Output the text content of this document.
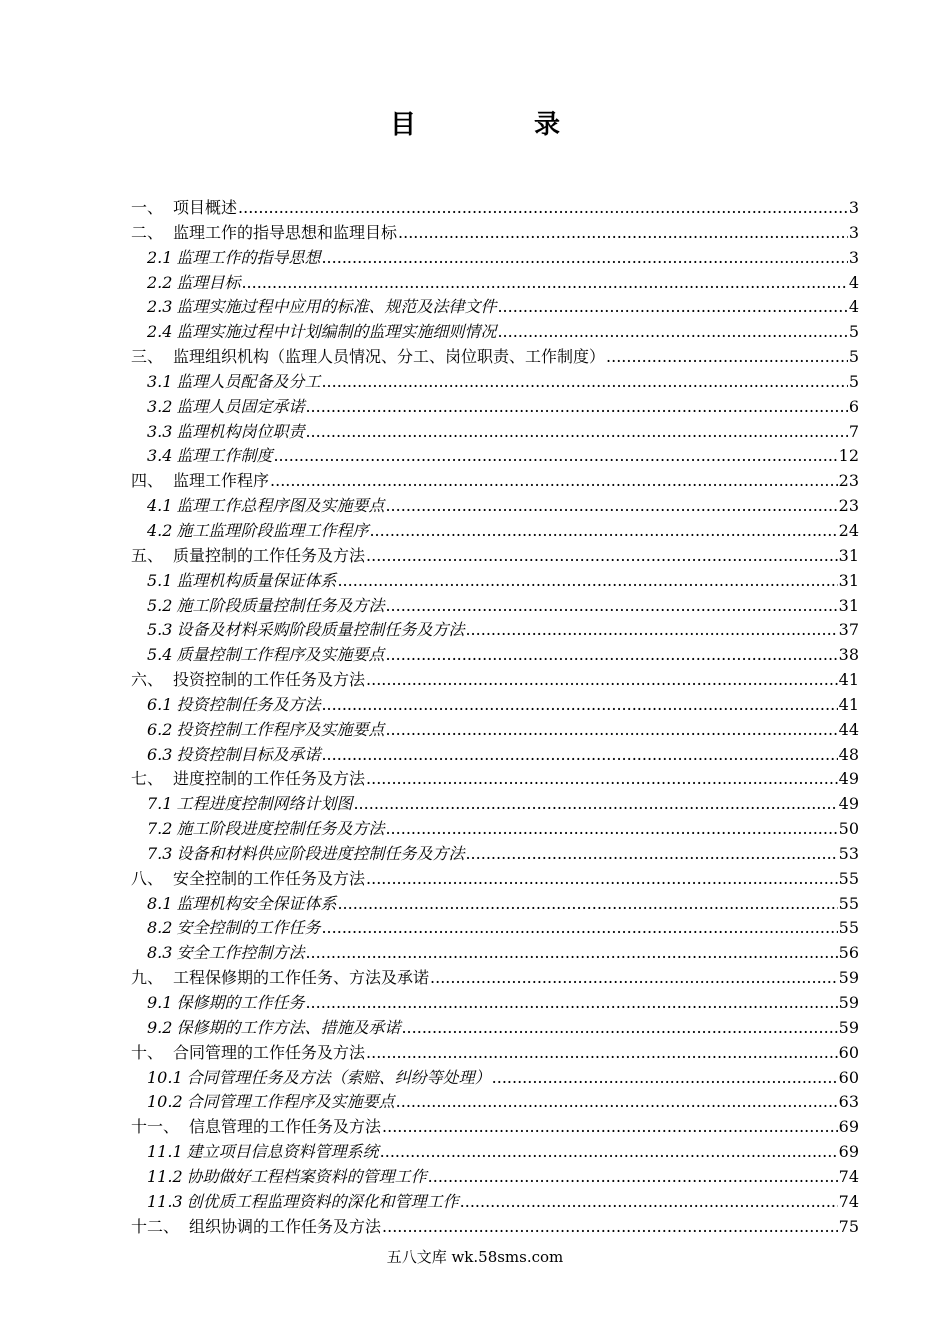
目　录
一、 项目概述 .....	3
二、 监理工作的指导思想和监理目标 .....	3
2.1 监理工作的指导思想 .....	3
2.2 监理目标 .....	4
2.3 监理实施过程中应用的标准、规范及法律文件 .....	4
2.4 监理实施过程中计划编制的监理实施细则情况 .....	5
三、 监理组织机构（监理人员情况、分工、岗位职责、工作制度） .....	5
3.1 监理人员配备及分工 .....	5
3.2 监理人员固定承诺 .....	6
3.3 监理机构岗位职责 .....	7
3.4 监理工作制度 .....	12
四、 监理工作程序 .....	23
4.1 监理工作总程序图及实施要点 .....	23
4.2 施工监理阶段监理工作程序 .....	24
五、 质量控制的工作任务及方法 .....	31
5.1 监理机构质量保证体系 .....	31
5.2 施工阶段质量控制任务及方法 .....	31
5.3 设备及材料采购阶段质量控制任务及方法 .....	37
5.4 质量控制工作程序及实施要点 .....	38
六、 投资控制的工作任务及方法 .....	41
6.1 投资控制任务及方法 .....	41
6.2 投资控制工作程序及实施要点 .....	44
6.3 投资控制目标及承诺 .....	48
七、 进度控制的工作任务及方法 .....	49
7.1 工程进度控制网络计划图 .....	49
7.2 施工阶段进度控制任务及方法 .....	50
7.3 设备和材料供应阶段进度控制任务及方法 .....	53
八、 安全控制的工作任务及方法 .....	55
8.1 监理机构安全保证体系 .....	55
8.2 安全控制的工作任务 .....	55
8.3 安全工作控制方法 .....	56
九、 工程保修期的工作任务、方法及承诺 .....	59
9.1 保修期的工作任务 .....	59
9.2 保修期的工作方法、措施及承诺 .....	59
十、 合同管理的工作任务及方法 .....	60
10.1 合同管理任务及方法（索赔、纠纷等处理） .....	60
10.2 合同管理工作程序及实施要点 .....	63
十一、 信息管理的工作任务及方法 .....	69
11.1 建立项目信息资料管理系统 .....	69
11.2 协助做好工程档案资料的管理工作 .....	74
11.3 创优质工程监理资料的深化和管理工作 .....	74
十二、 组织协调的工作任务及方法 .....	75
五八文库 wk.58sms.com
